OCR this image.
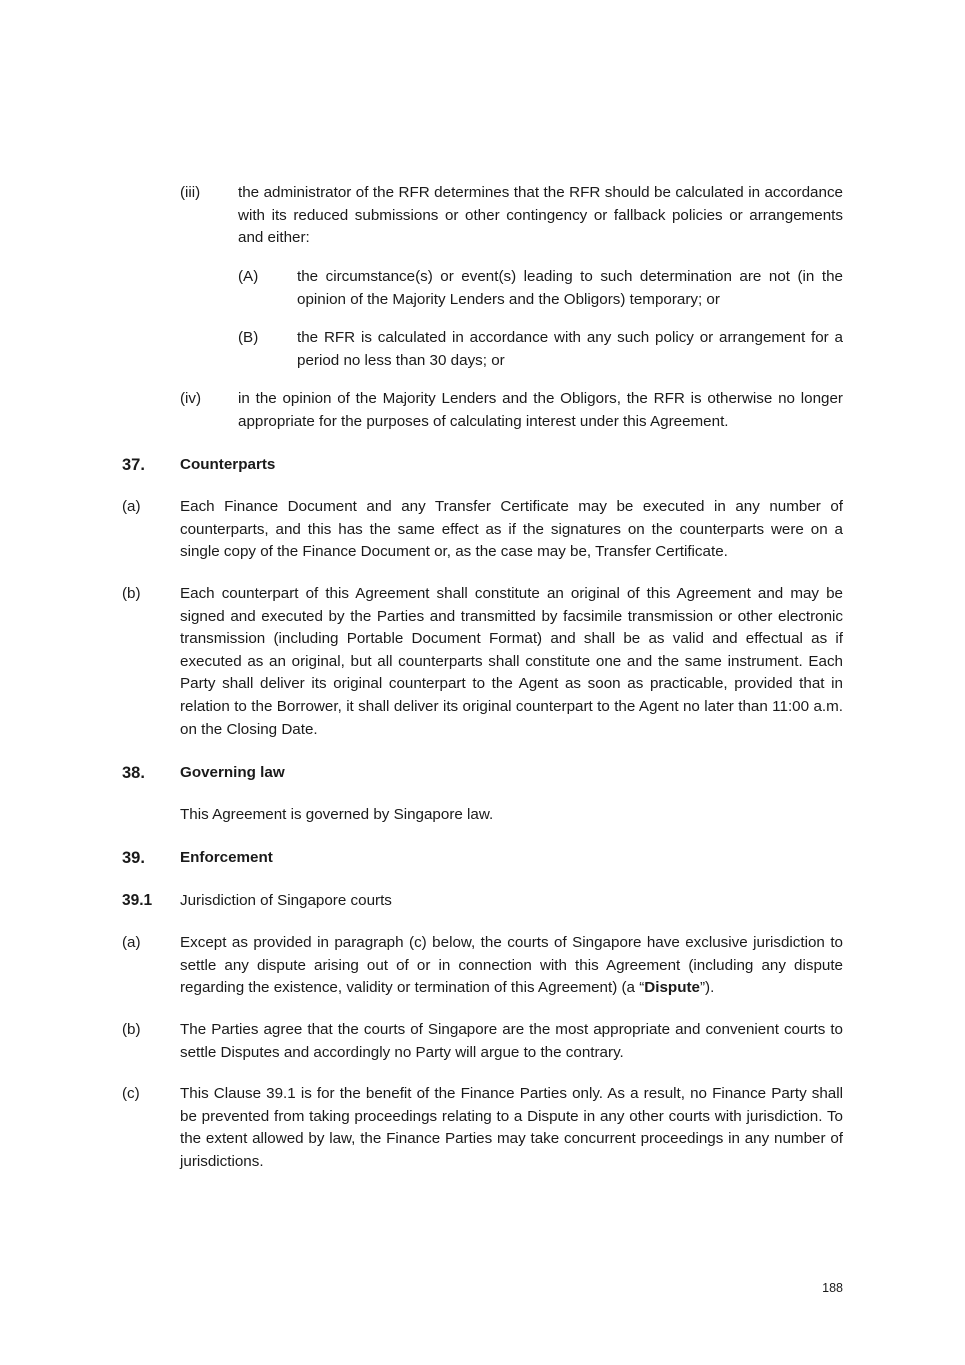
(iii) the administrator of the RFR determines that the RFR should be calculated in accordance with its reduced submissions or other contingency or fallback policies or arrangements and either:
(A)	the circumstance(s) or event(s) leading to such determination are not (in the opinion of the Majority Lenders and the Obligors) temporary; or
(B)	the RFR is calculated in accordance with any such policy or arrangement for a period no less than 30 days; or
(iv) in the opinion of the Majority Lenders and the Obligors, the RFR is otherwise no longer appropriate for the purposes of calculating interest under this Agreement.
37. Counterparts
(a)	Each Finance Document and any Transfer Certificate may be executed in any number of counterparts, and this has the same effect as if the signatures on the counterparts were on a single copy of the Finance Document or, as the case may be, Transfer Certificate.
(b)	Each counterpart of this Agreement shall constitute an original of this Agreement and may be signed and executed by the Parties and transmitted by facsimile transmission or other electronic transmission (including Portable Document Format) and shall be as valid and effectual as if executed as an original, but all counterparts shall constitute one and the same instrument. Each Party shall deliver its original counterpart to the Agent as soon as practicable, provided that in relation to the Borrower, it shall deliver its original counterpart to the Agent no later than 11:00 a.m. on the Closing Date.
38. Governing law
This Agreement is governed by Singapore law.
39. Enforcement
39.1 Jurisdiction of Singapore courts
(a)	Except as provided in paragraph (c) below, the courts of Singapore have exclusive jurisdiction to settle any dispute arising out of or in connection with this Agreement (including any dispute regarding the existence, validity or termination of this Agreement) (a “Dispute”).
(b)	The Parties agree that the courts of Singapore are the most appropriate and convenient courts to settle Disputes and accordingly no Party will argue to the contrary.
(c)	This Clause 39.1 is for the benefit of the Finance Parties only. As a result, no Finance Party shall be prevented from taking proceedings relating to a Dispute in any other courts with jurisdiction. To the extent allowed by law, the Finance Parties may take concurrent proceedings in any number of jurisdictions.
188
